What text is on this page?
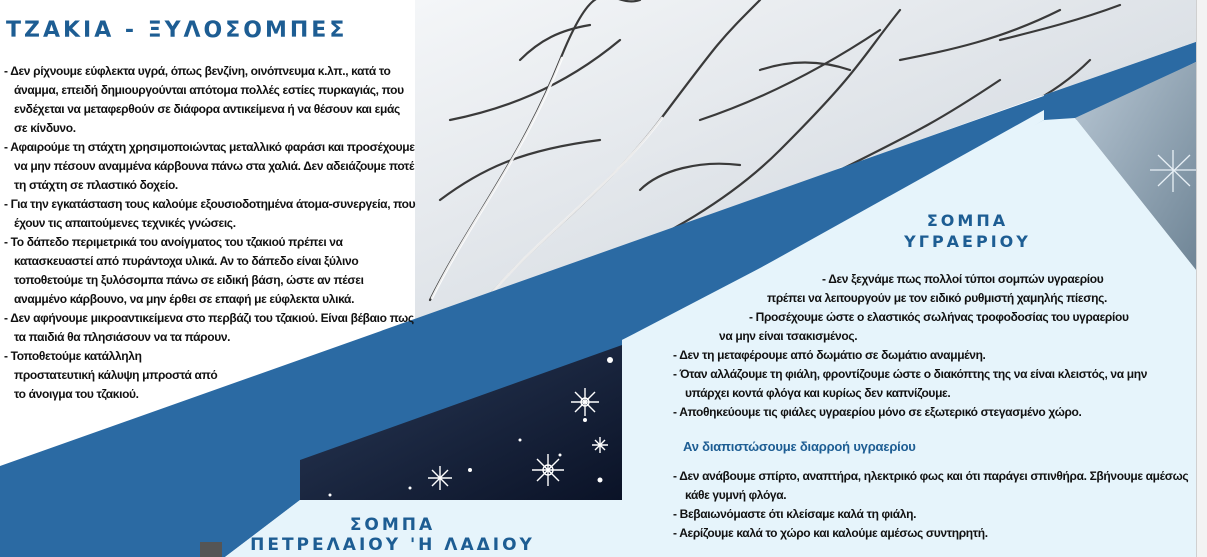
ΤΖΑΚΙΑ - ΞΥΛΟΣΟΜΠΕΣ
- Δεν ρίχνουμε εύφλεκτα υγρά, όπως βενζίνη, οινόπνευμα κ.λπ., κατά το άναμμα, επειδή δημιουργούνται απότομα πολλές εστίες πυρκαγιάς, που ενδέχεται να μεταφερθούν σε διάφορα αντικείμενα ή να θέσουν και εμάς σε κίνδυνο.
- Αφαιρούμε τη στάχτη χρησιμοποιώντας μεταλλικό φαράσι και προσέχουμε να μην πέσουν αναμμένα κάρβουνα πάνω στα χαλιά. Δεν αδειάζουμε ποτέ τη στάχτη σε πλαστικό δοχείο.
- Για την εγκατάσταση τους καλούμε εξουσιοδοτημένα άτομα-συνεργεία, που έχουν τις απαιτούμενες τεχνικές γνώσεις.
- Το δάπεδο περιμετρικά του ανοίγματος του τζακιού πρέπει να κατασκευαστεί από πυράντοχα υλικά. Αν το δάπεδο είναι ξύλινο τοποθετούμε τη ξυλόσομπα πάνω σε ειδική βάση, ώστε αν πέσει αναμμένο κάρβουνο, να μην έρθει σε επαφή με εύφλεκτα υλικά.
- Δεν αφήνουμε μικροαντικείμενα στο περβάζι του τζακιού. Είναι βέβαιο πως τα παιδιά θα πλησιάσουν να τα πάρουν.
- Τοποθετούμε κατάλληλη προστατευτική κάλυψη μπροστά από το άνοιγμα του τζακιού.
ΣΟΜΠΑ
ΥΓΡΑΕΡΙΟΥ

- Δεν ξεχνάμε πως πολλοί τύποι σομπών υγραερίου

πρέπει να λειτουργούν με τον ειδικό ρυθμιστή χαμηλής πίεσης.

- Προσέχουμε ώστε ο ελαστικός σωλήνας τροφοδοσίας του υγραερίου

να μην είναι τσακισμένος.

- Δεν τη μεταφέρουμε από δωμάτιο σε δωμάτιο αναμμένη.

- Όταν αλλάζουμε τη φιάλη, φροντίζουμε ώστε ο διακόπτης της να είναι κλειστός, να μην

υπάρχει κοντά φλόγα και κυρίως δεν καπνίζουμε.

- Αποθηκεύουμε τις φιάλες υγραερίου μόνο σε εξωτερικό στεγασμένο χώρο.

Αν διαπιστώσουμε διαρροή υγραερίου

- Δεν ανάβουμε σπίρτο, αναπτήρα, ηλεκτρικό φως και ότι παράγει σπινθήρα. Σβήνουμε αμέσως

κάθε γυμνή φλόγα.

- Βεβαιωνόμαστε ότι κλείσαμε καλά τη φιάλη.

- Αερίζουμε καλά το χώρο και καλούμε αμέσως συντηρητή.

ΣΟΜΠΑ
ΠΕΤΡΕΛΑΙΟΥ 'Η ΛΑΔΙΟΥ
